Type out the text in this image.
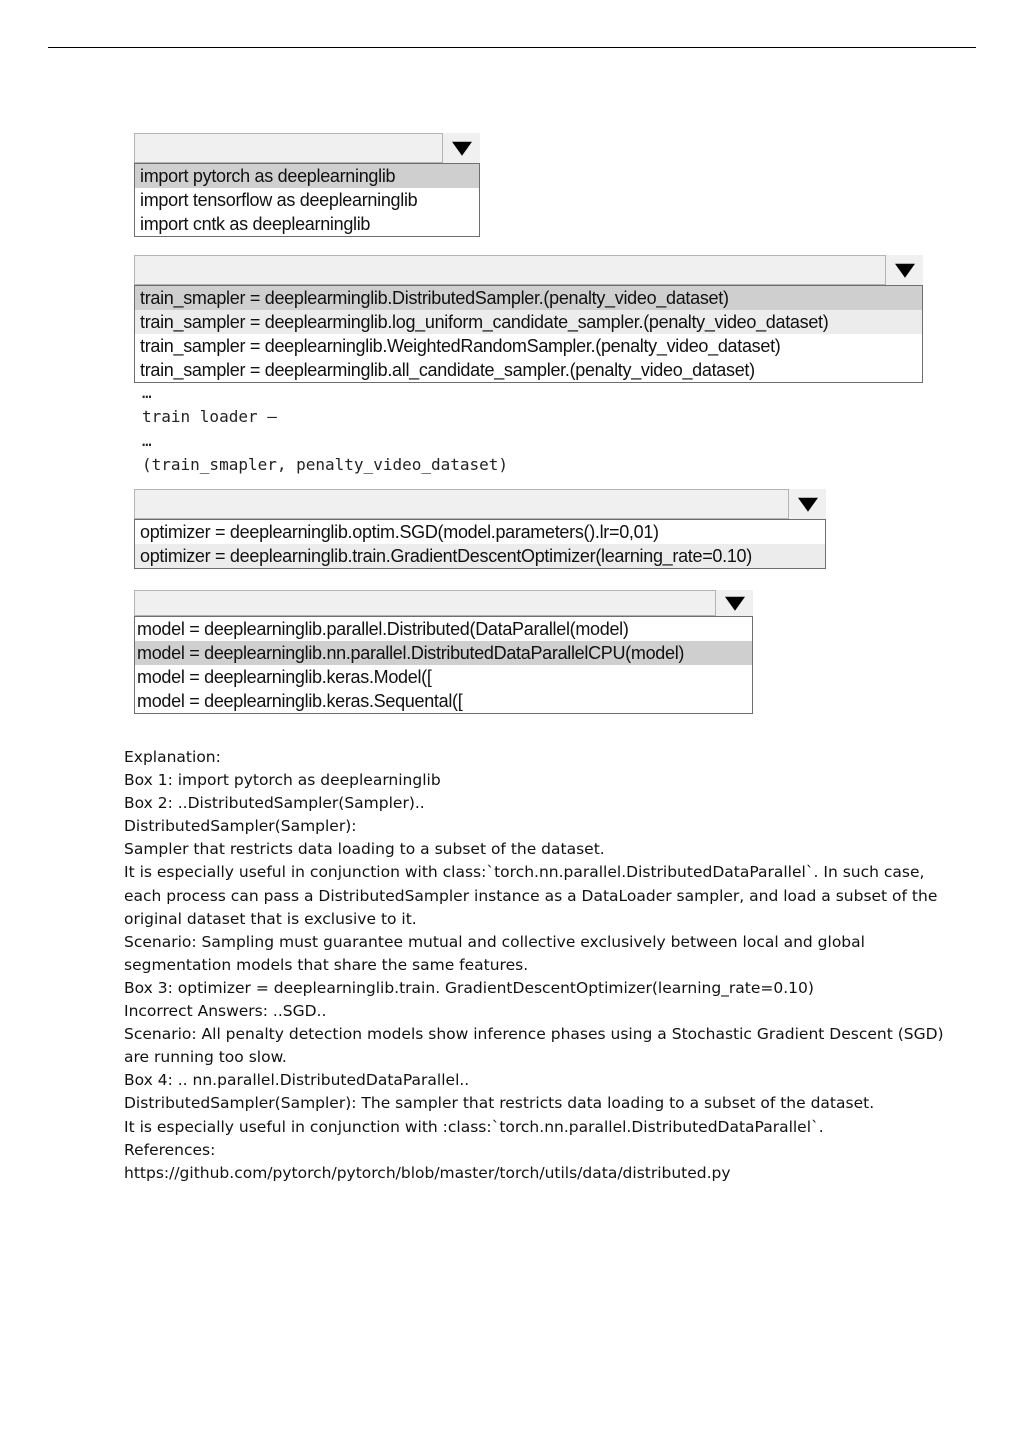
import pytorch as deeplearninglib
import tensorflow as deeplearninglib
import cntk as deeplearninglib
train_smapler = deeplearminglib.DistributedSampler.(penalty_video_dataset)
train_sampler = deeplearminglib.log_uniform_candidate_sampler.(penalty_video_dataset)
train_sampler = deeplearninglib.WeightedRandomSampler.(penalty_video_dataset)
train_sampler = deeplearminglib.all_candidate_sampler.(penalty_video_dataset)
…
train loader –
…
(train_smapler, penalty_video_dataset)
optimizer = deeplearninglib.optim.SGD(model.parameters().lr=0,01)
optimizer = deeplearninglib.train.GradientDescentOptimizer(learning_rate=0.10)
model = deeplearninglib.parallel.Distributed(DataParallel(model)
model = deeplearninglib.nn.parallel.DistributedDataParallelCPU(model)
model = deeplearninglib.keras.Model([
model = deeplearninglib.keras.Sequental([

Explanation:

Box 1: import pytorch as deeplearninglib

Box 2: ..DistributedSampler(Sampler)..

DistributedSampler(Sampler):

Sampler that restricts data loading to a subset of the dataset.

It is especially useful in conjunction with class:`torch.nn.parallel.DistributedDataParallel`. In such case, each process can pass a DistributedSampler instance as a DataLoader sampler, and load a subset of the original dataset that is exclusive to it.

Scenario: Sampling must guarantee mutual and collective exclusively between local and global segmentation models that share the same features.

Box 3: optimizer = deeplearninglib.train. GradientDescentOptimizer(learning_rate=0.10)

Incorrect Answers: ..SGD..

Scenario: All penalty detection models show inference phases using a Stochastic Gradient Descent (SGD) are running too slow.

Box 4: .. nn.parallel.DistributedDataParallel..

DistributedSampler(Sampler): The sampler that restricts data loading to a subset of the dataset.

It is especially useful in conjunction with :class:`torch.nn.parallel.DistributedDataParallel`.

References:

https://github.com/pytorch/pytorch/blob/master/torch/utils/data/distributed.py
